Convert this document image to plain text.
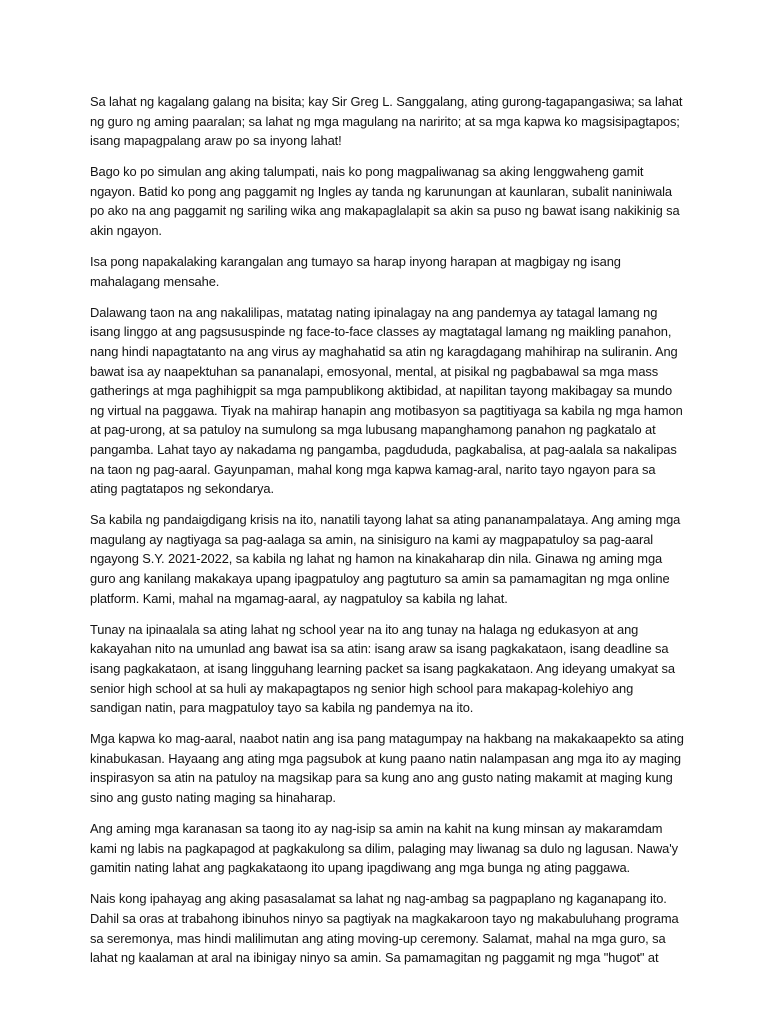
Sa lahat ng kagalang galang na bisita; kay Sir Greg L. Sanggalang, ating gurong-tagapangasiwa; sa lahat ng guro ng aming paaralan; sa lahat ng mga magulang na naririto; at sa mga kapwa ko magsisipagtapos; isang mapagpalang araw po sa inyong lahat!

Bago ko po simulan ang aking talumpati, nais ko pong magpaliwanag sa aking lenggwaheng gamit ngayon. Batid ko pong ang paggamit ng Ingles ay tanda ng karunungan at kaunlaran, subalit naniniwala po ako na ang paggamit ng sariling wika ang makapaglalapit sa akin sa puso ng bawat isang nakikinig sa akin ngayon.

Isa pong napakalaking karangalan ang tumayo sa harap inyong harapan at magbigay ng isang mahalagang mensahe.

Dalawang taon na ang nakalilipas, matatag nating ipinalagay na ang pandemya ay tatagal lamang ng isang linggo at ang pagsususpinde ng face-to-face classes ay magtatagal lamang ng maikling panahon, nang hindi napagtatanto na ang virus ay maghahatid sa atin ng karagdagang mahihirap na suliranin. Ang bawat isa ay naapektuhan sa pananalapi, emosyonal, mental, at pisikal ng pagbabawal sa mga mass gatherings at mga paghihigpit sa mga pampublikong aktibidad, at napilitan tayong makibagay sa mundo ng virtual na paggawa. Tiyak na mahirap hanapin ang motibasyon sa pagtitiyaga sa kabila ng mga hamon at pag-urong, at sa patuloy na sumulong sa mga lubusang mapanghamong panahon ng pagkatalo at pangamba. Lahat tayo ay nakadama ng pangamba, pagdududa, pagkabalisa, at pag-aalala sa nakalipas na taon ng pag-aaral. Gayunpaman, mahal kong mga kapwa kamag-aral, narito tayo ngayon para sa ating pagtatapos ng sekondarya.

Sa kabila ng pandaigdigang krisis na ito, nanatili tayong lahat sa ating pananampalataya. Ang aming mga magulang ay nagtiyaga sa pag-aalaga sa amin, na sinisiguro na kami ay magpapatuloy sa pag-aaral ngayong S.Y. 2021-2022, sa kabila ng lahat ng hamon na kinakaharap din nila. Ginawa ng aming mga guro ang kanilang makakaya upang ipagpatuloy ang pagtuturo sa amin sa pamamagitan ng mga online platform. Kami, mahal na mgamag-aaral, ay nagpatuloy sa kabila ng lahat.

Tunay na ipinaalala sa ating lahat ng school year na ito ang tunay na halaga ng edukasyon at ang kakayahan nito na umunlad ang bawat isa sa atin: isang araw sa isang pagkakataon, isang deadline sa isang pagkakataon, at isang lingguhang learning packet sa isang pagkakataon. Ang ideyang umakyat sa senior high school at sa huli ay makapagtapos ng senior high school para makapag-kolehiyo ang sandigan natin, para magpatuloy tayo sa kabila ng pandemya na ito.

Mga kapwa ko mag-aaral, naabot natin ang isa pang matagumpay na hakbang na makakaapekto sa ating kinabukasan. Hayaang ang ating mga pagsubok at kung paano natin nalampasan ang mga ito ay maging inspirasyon sa atin na patuloy na magsikap para sa kung ano ang gusto nating makamit at maging kung sino ang gusto nating maging sa hinaharap.

Ang aming mga karanasan sa taong ito ay nag-isip sa amin na kahit na kung minsan ay makaramdam kami ng labis na pagkapagod at pagkakulong sa dilim, palaging may liwanag sa dulo ng lagusan. Nawa'y gamitin nating lahat ang pagkakataong ito upang ipagdiwang ang mga bunga ng ating paggawa.

Nais kong ipahayag ang aking pasasalamat sa lahat ng nag-ambag sa pagpaplano ng kaganapang ito. Dahil sa oras at trabahong ibinuhos ninyo sa pagtiyak na magkakaroon tayo ng makabuluhang programa sa seremonya, mas hindi malilimutan ang ating moving-up ceremony. Salamat, mahal na mga guro, sa lahat ng kaalaman at aral na ibinigay ninyo sa amin. Sa pamamagitan ng paggamit ng mga "hugot" at
